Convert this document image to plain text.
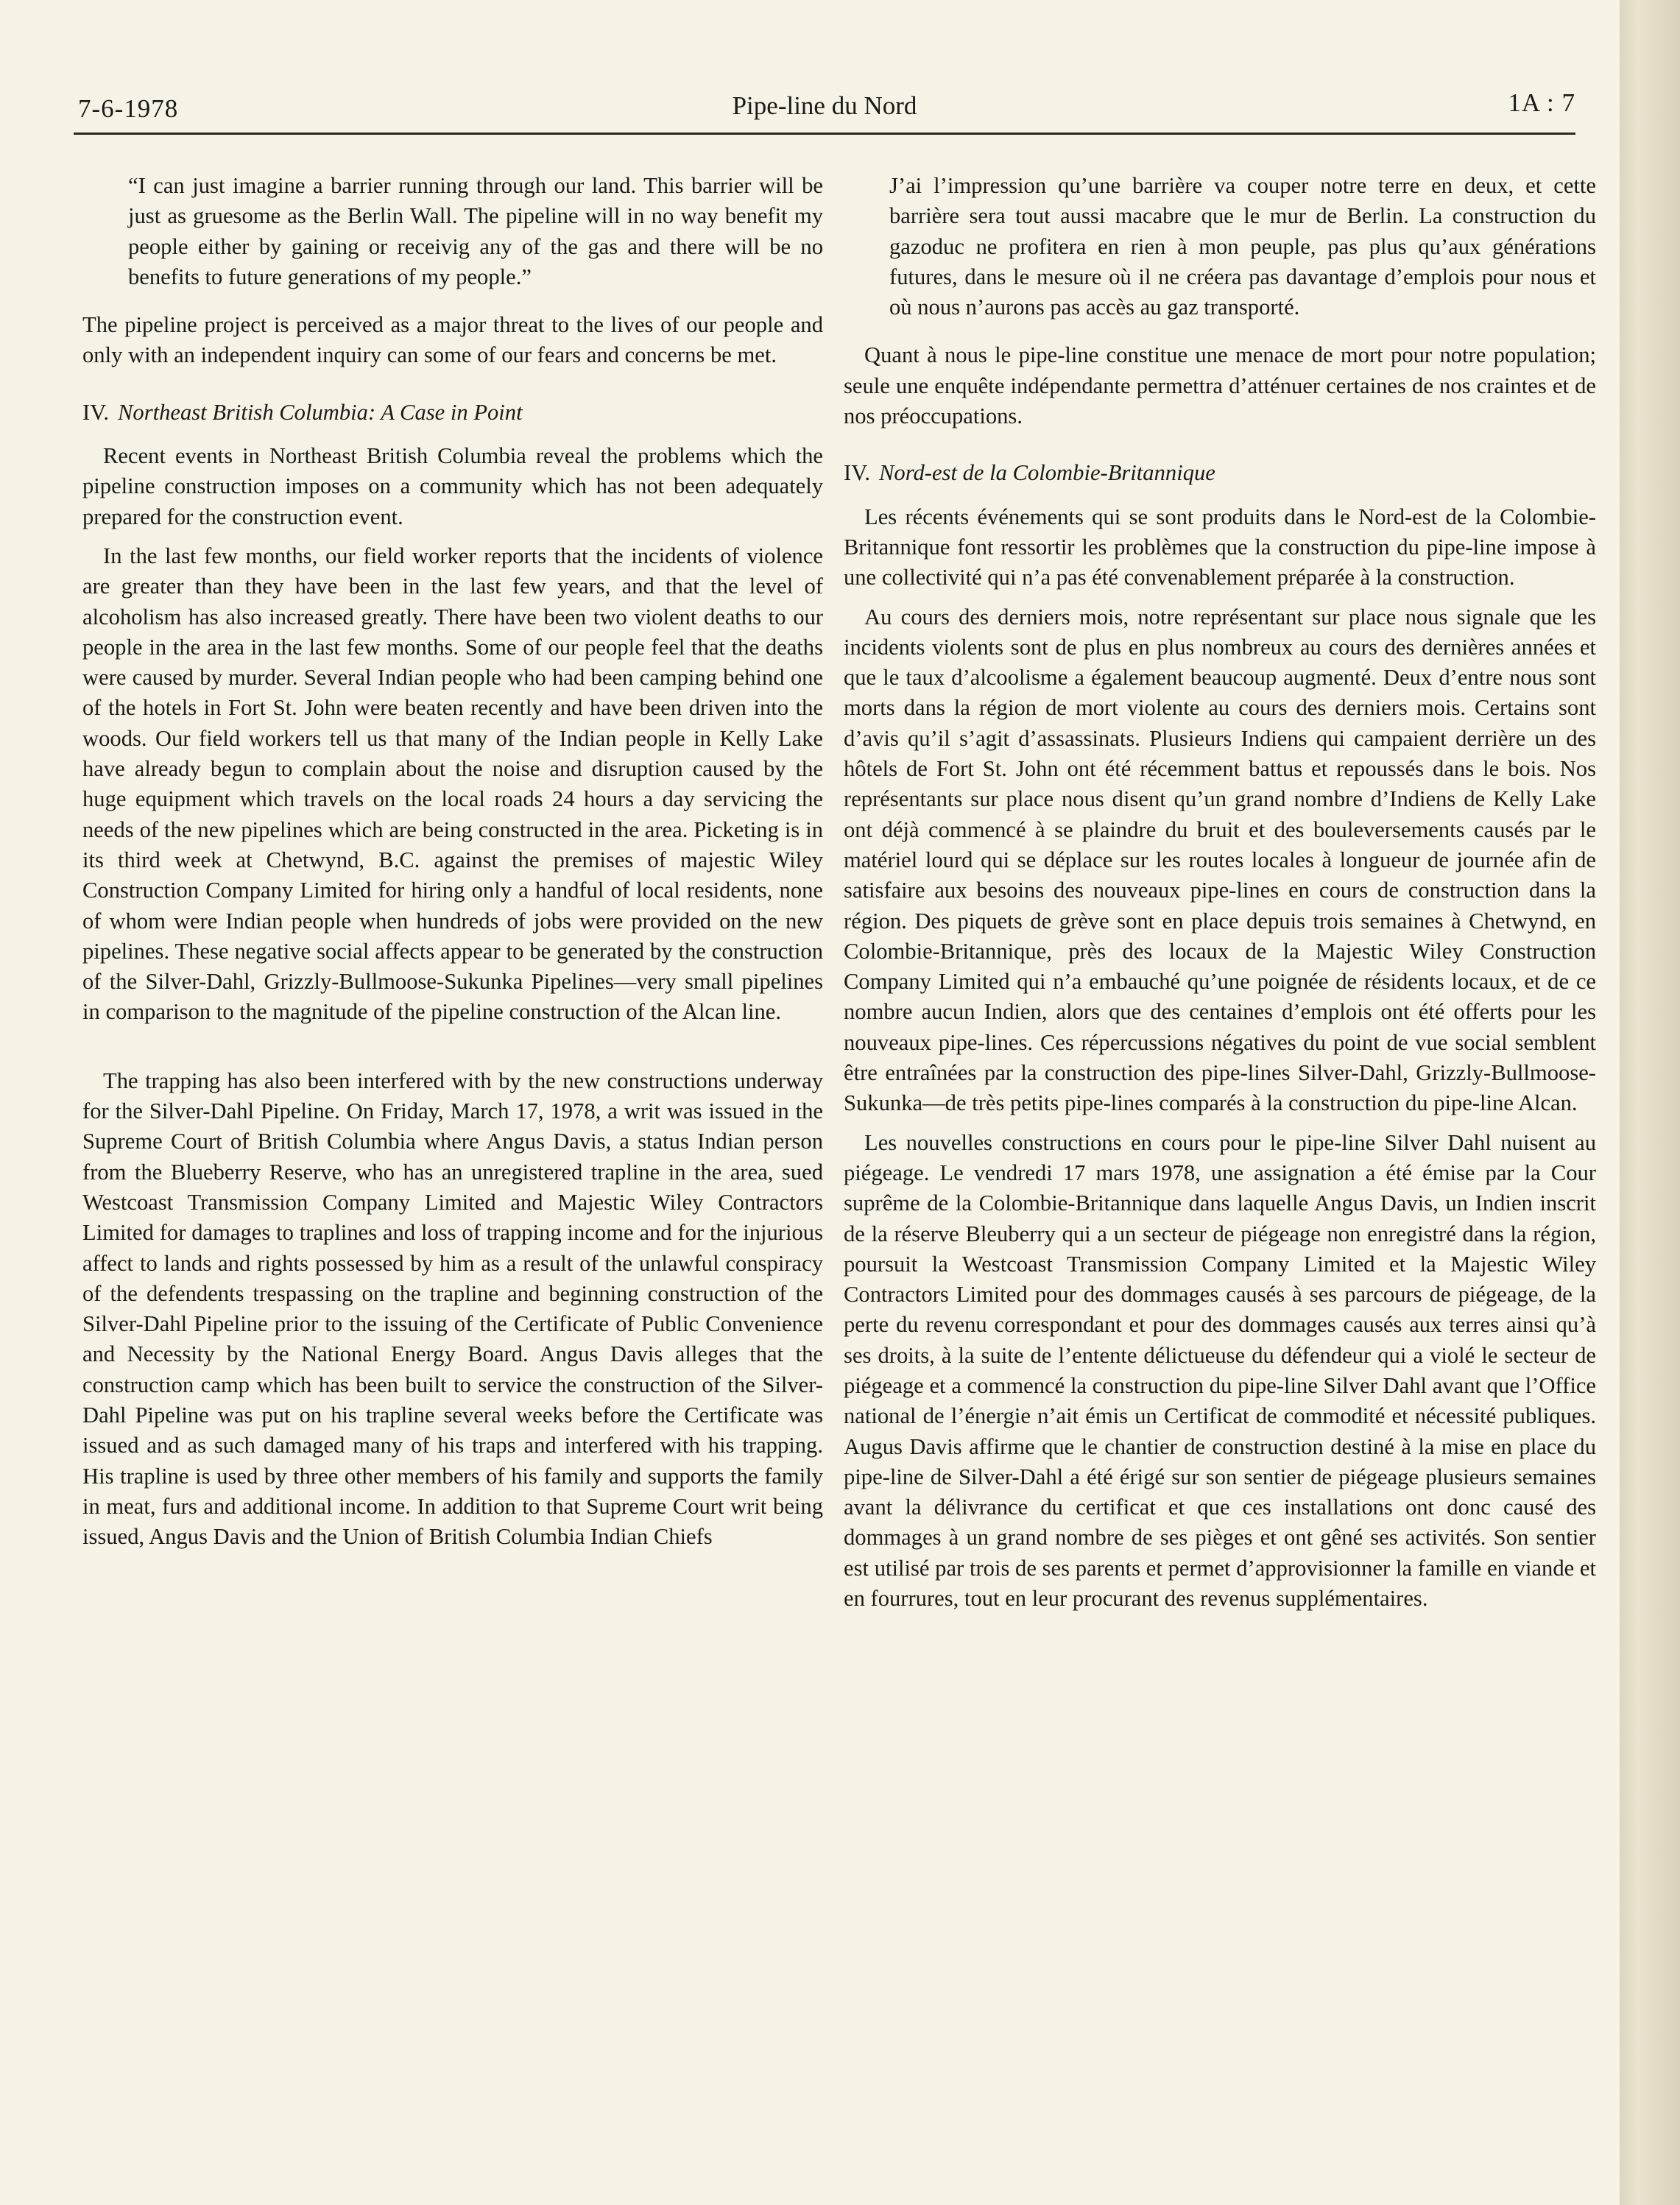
7-6-1978	Pipe-line du Nord	1A : 7

“I can just imagine a barrier running through our land. This barrier will be just as gruesome as the Berlin Wall. The pipeline will in no way benefit my people either by gaining or receivig any of the gas and there will be no benefits to future generations of my people.”

The pipeline project is perceived as a major threat to the lives of our people and only with an independent inquiry can some of our fears and concerns be met.

IV. Northeast British Columbia: A Case in Point

Recent events in Northeast British Columbia reveal the problems which the pipeline construction imposes on a community which has not been adequately prepared for the construction event.

In the last few months, our field worker reports that the incidents of violence are greater than they have been in the last few years, and that the level of alcoholism has also increased greatly. There have been two violent deaths to our people in the area in the last few months. Some of our people feel that the deaths were caused by murder. Several Indian people who had been camping behind one of the hotels in Fort St. John were beaten recently and have been driven into the woods. Our field workers tell us that many of the Indian people in Kelly Lake have already begun to complain about the noise and disruption caused by the huge equipment which travels on the local roads 24 hours a day servicing the needs of the new pipelines which are being constructed in the area. Picketing is in its third week at Chetwynd, B.C. against the premises of majestic Wiley Construction Company Limited for hiring only a handful of local residents, none of whom were Indian people when hundreds of jobs were provided on the new pipelines. These negative social affects appear to be generated by the construction of the Silver-Dahl, Grizzly-Bullmoose-Sukunka Pipelines—very small pipelines in comparison to the magnitude of the pipeline construction of the Alcan line.

The trapping has also been interfered with by the new constructions underway for the Silver-Dahl Pipeline. On Friday, March 17, 1978, a writ was issued in the Supreme Court of British Columbia where Angus Davis, a status Indian person from the Blueberry Reserve, who has an unregistered trapline in the area, sued Westcoast Transmission Company Limited and Majestic Wiley Contractors Limited for damages to traplines and loss of trapping income and for the injurious affect to lands and rights possessed by him as a result of the unlawful conspiracy of the defendents trespassing on the trapline and beginning construction of the Silver-Dahl Pipeline prior to the issuing of the Certificate of Public Convenience and Necessity by the National Energy Board. Angus Davis alleges that the construction camp which has been built to service the construction of the Silver-Dahl Pipeline was put on his trapline several weeks before the Certificate was issued and as such damaged many of his traps and interfered with his trapping. His trapline is used by three other members of his family and supports the family in meat, furs and additional income. In addition to that Supreme Court writ being issued, Angus Davis and the Union of British Columbia Indian Chiefs

J’ai l’impression qu’une barrière va couper notre terre en deux, et cette barrière sera tout aussi macabre que le mur de Berlin. La construction du gazoduc ne profitera en rien à mon peuple, pas plus qu’aux générations futures, dans le mesure où il ne créera pas davantage d’emplois pour nous et où nous n’aurons pas accès au gaz transporté.

Quant à nous le pipe-line constitue une menace de mort pour notre population; seule une enquête indépendante permettra d’atténuer certaines de nos craintes et de nos préoccupations.

IV. Nord-est de la Colombie-Britannique

Les récents événements qui se sont produits dans le Nord-est de la Colombie-Britannique font ressortir les problèmes que la construction du pipe-line impose à une collectivité qui n’a pas été convenablement préparée à la construction.

Au cours des derniers mois, notre représentant sur place nous signale que les incidents violents sont de plus en plus nombreux au cours des dernières années et que le taux d’alcoolisme a également beaucoup augmenté. Deux d’entre nous sont morts dans la région de mort violente au cours des derniers mois. Certains sont d’avis qu’il s’agit d’assassinats. Plusieurs Indiens qui campaient derrière un des hôtels de Fort St. John ont été récemment battus et repoussés dans le bois. Nos représentants sur place nous disent qu’un grand nombre d’Indiens de Kelly Lake ont déjà commencé à se plaindre du bruit et des bouleversements causés par le matériel lourd qui se déplace sur les routes locales à longueur de journée afin de satisfaire aux besoins des nouveaux pipe-lines en cours de construction dans la région. Des piquets de grève sont en place depuis trois semaines à Chetwynd, en Colombie-Britannique, près des locaux de la Majestic Wiley Construction Company Limited qui n’a embauché qu’une poignée de résidents locaux, et de ce nombre aucun Indien, alors que des centaines d’emplois ont été offerts pour les nouveaux pipe-lines. Ces répercussions négatives du point de vue social semblent être entraînées par la construction des pipe-lines Silver-Dahl, Grizzly-Bullmoose-Sukunka—de très petits pipe-lines comparés à la construction du pipe-line Alcan.

Les nouvelles constructions en cours pour le pipe-line Silver Dahl nuisent au piégeage. Le vendredi 17 mars 1978, une assignation a été émise par la Cour suprême de la Colombie-Britannique dans laquelle Angus Davis, un Indien inscrit de la réserve Bleuberry qui a un secteur de piégeage non enregistré dans la région, poursuit la Westcoast Transmission Company Limited et la Majestic Wiley Contractors Limited pour des dommages causés à ses parcours de piégeage, de la perte du revenu correspondant et pour des dommages causés aux terres ainsi qu’à ses droits, à la suite de l’entente délictueuse du défendeur qui a violé le secteur de piégeage et a commencé la construction du pipe-line Silver Dahl avant que l’Office national de l’énergie n’ait émis un Certificat de commodité et nécessité publiques. Augus Davis affirme que le chantier de construction destiné à la mise en place du pipe-line de Silver-Dahl a été érigé sur son sentier de piégeage plusieurs semaines avant la délivrance du certificat et que ces installations ont donc causé des dommages à un grand nombre de ses pièges et ont gêné ses activités. Son sentier est utilisé par trois de ses parents et permet d’approvisionner la famille en viande et en fourrures, tout en leur procurant des revenus supplémentaires.
